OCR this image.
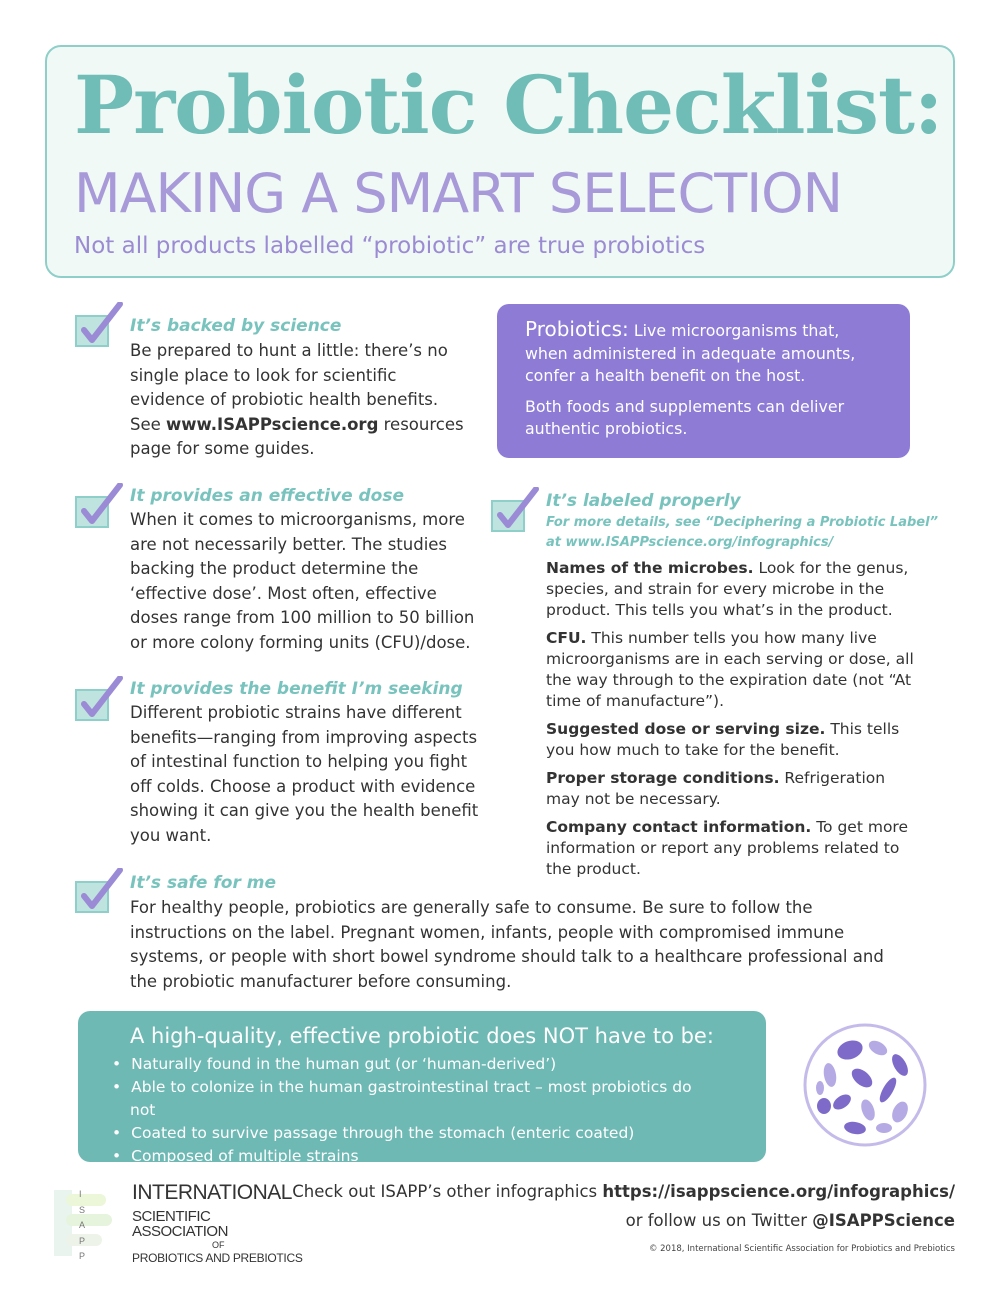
Probiotic Checklist:
MAKING A SMART SELECTION
Not all products labelled “probiotic” are true probiotics
It’s backed by science
Be prepared to hunt a little: there’s no single place to look for scientific evidence of probiotic health benefits. See www.ISAPPscience.org resources page for some guides.
It provides an effective dose
When it comes to microorganisms, more are not necessarily better. The studies backing the product determine the ‘effective dose’. Most often, effective doses range from 100 million to 50 billion or more colony forming units (CFU)/dose.
It provides the benefit I’m seeking
Different probiotic strains have different benefits—ranging from improving aspects of intestinal function to helping you fight off colds. Choose a product with evidence showing it can give you the health benefit you want.
It’s safe for me
For healthy people, probiotics are generally safe to consume. Be sure to follow the instructions on the label. Pregnant women, infants, people with compromised immune systems, or people with short bowel syndrome should talk to a healthcare professional and the probiotic manufacturer before consuming.

Probiotics: Live microorganisms that, when administered in adequate amounts, confer a health benefit on the host.

Both foods and supplements can deliver authentic probiotics.

It’s labeled properly
For more details, see “Deciphering a Probiotic Label”
at www.ISAPPscience.org/infographics/
Names of the microbes. Look for the genus, species, and strain for every microbe in the product. This tells you what’s in the product.
CFU. This number tells you how many live microorganisms are in each serving or dose, all the way through to the expiration date (not “At time of manufacture”).
Suggested dose or serving size. This tells you how much to take for the benefit.
Proper storage conditions. Refrigeration may not be necessary.
Company contact information. To get more information or report any problems related to the product.
A high-quality, effective probiotic does NOT have to be:
• Naturally found in the human gut (or ‘human-derived’)
• Able to colonize in the human gastrointestinal tract – most probiotics do not
• Coated to survive passage through the stomach (enteric coated)
• Composed of multiple strains
I S A P P
INTERNATIONAL
SCIENTIFIC ASSOCIATION
OF
PROBIOTICS AND PREBIOTICS
Check out ISAPP’s other infographics https://isappscience.org/infographics/
or follow us on Twitter @ISAPPScience
© 2018, International Scientific Association for Probiotics and Prebiotics
